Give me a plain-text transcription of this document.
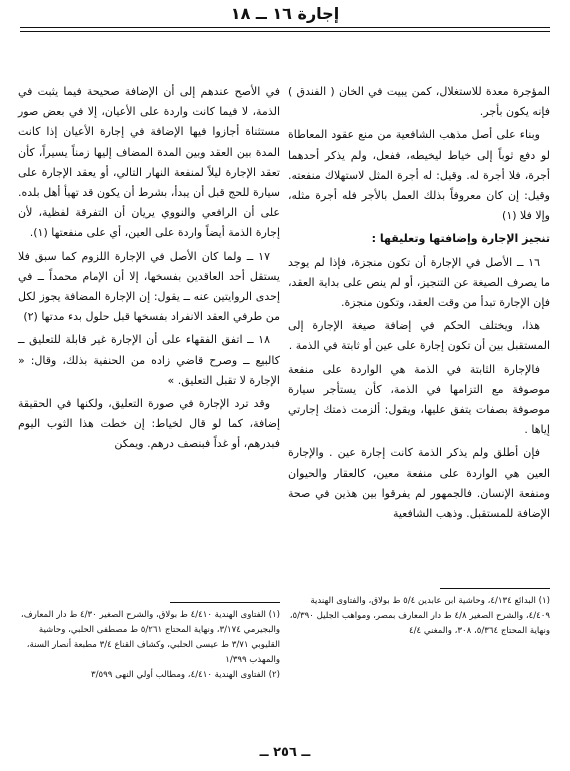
إجارة ١٦ ــ ١٨

المؤجرة معدة للاستغلال، كمن يبيت في الخان ( الفندق ) فإنه يكون بأجر.

وبناء على أصل مذهب الشافعية من منع عقود المعاطاة لو دفع ثوباً إلى خياط ليخيطه، ففعل، ولم يذكر أحدهما أجرة، فلا أجرة له. وقيل: له أجرة المثل لاستهلاك منفعته. وقيل: إن كان معروفاً بذلك العمل بالأجر فله أجرة مثله، وإلا فلا (١)

تنجيز الإجارة وإضافتها وتعليقها :

١٦ ــ الأصل في الإجارة أن تكون منجزة، فإذا لم يوجد ما يصرف الصيغة عن التنجيز، أو لم ينص على بداية العقد، فإن الإجارة تبدأ من وقت العقد، وتكون منجزة.

هذا، ويختلف الحكم في إضافة صيغة الإجارة إلى المستقبل بين أن تكون إجارة على عين أو ثابتة في الذمة .

فالإجارة الثابتة في الذمة هي الواردة على منفعة موصوفة مع التزامها في الذمة، كأن يستأجر سيارة موصوفة بصفات يتفق عليها، ويقول: ألزمت ذمتك إجارتي إياها .

فإن أطلق ولم يذكر الذمة كانت إجارة عين . والإجارة العين هي الواردة على منفعة معين، كالعقار والحيوان ومنفعة الإنسان. فالجمهور لم يفرقوا بين هذين في صحة الإضافة للمستقبل. وذهب الشافعية

في الأصح عندهم إلى أن الإضافة صحيحة فيما يثبت في الذمة، لا فيما كانت واردة على الأعيان، إلا في بعض صور مستثناة أجازوا فيها الإضافة في إجارة الأعيان إذا كانت المدة بين العقد وبين المدة المضاف إليها زمناً يسيراً، كأن تعقد الإجارة ليلاً لمنفعة النهار التالي، أو يعقد الإجارة على سيارة للحج قبل أن يبدأ، بشرط أن يكون قد تهيأ أهل بلده. على أن الرافعي والنووي يريان أن التفرقة لفظية، لأن إجارة الذمة أيضاً واردة على العين، أي على منفعتها (١).

١٧ ــ ولما كان الأصل في الإجارة اللزوم كما سبق فلا يستقل أحد العاقدين بفسخها، إلا أن الإمام محمداً ــ في إحدى الروايتين عنه ــ يقول: إن الإجارة المضافة يجوز لكل من طرفي العقد الانفراد بفسخها قبل حلول بدء مدتها (٢)

١٨ ــ اتفق الفقهاء على أن الإجارة غير قابلة للتعليق ــ كالبيع ــ وصرح قاضي زاده من الحنفية بذلك، وقال: « الإجارة لا تقبل التعليق. »

وقد ترد الإجارة في صورة التعليق، ولكنها في الحقيقة إضافة، كما لو قال لخياط: إن خطت هذا الثوب اليوم فبدرهم، أو غداً فبنصف درهم. ويمكن

(١) البدائع ٤/١٣٤، وحاشية ابن عابدين ٥/٤ ط بولاق، والفتاوى الهندية ٤/٤٠٩، والشرح الصغير ٤/٨ ط دار المعارف بمصر، ومواهب الجليل ٥/٣٩٠، ونهاية المحتاج ٥/٣٦٤، ٣٠٨، والمغني ٤/٤
(١) الفتاوى الهندية ٤/٤١٠ ط بولاق، والشرح الصغير ٤/٣٠ ط دار المعارف، والبجيرمي ٣/١٧٤، ونهاية المحتاج ٥/٢٦١ ط مصطفى الحلبي، وحاشية القليوبي ٣/٧١ ط عيسى الحلبي، وكشاف القناع ٣/٤ مطبعة أنصار السنة، والمهذب ١/٣٩٩
(٢) الفتاوى الهندية ٤/٤١٠، ومطالب أولي النهى ٣/٥٩٩
ــ ٢٥٦ ــ
